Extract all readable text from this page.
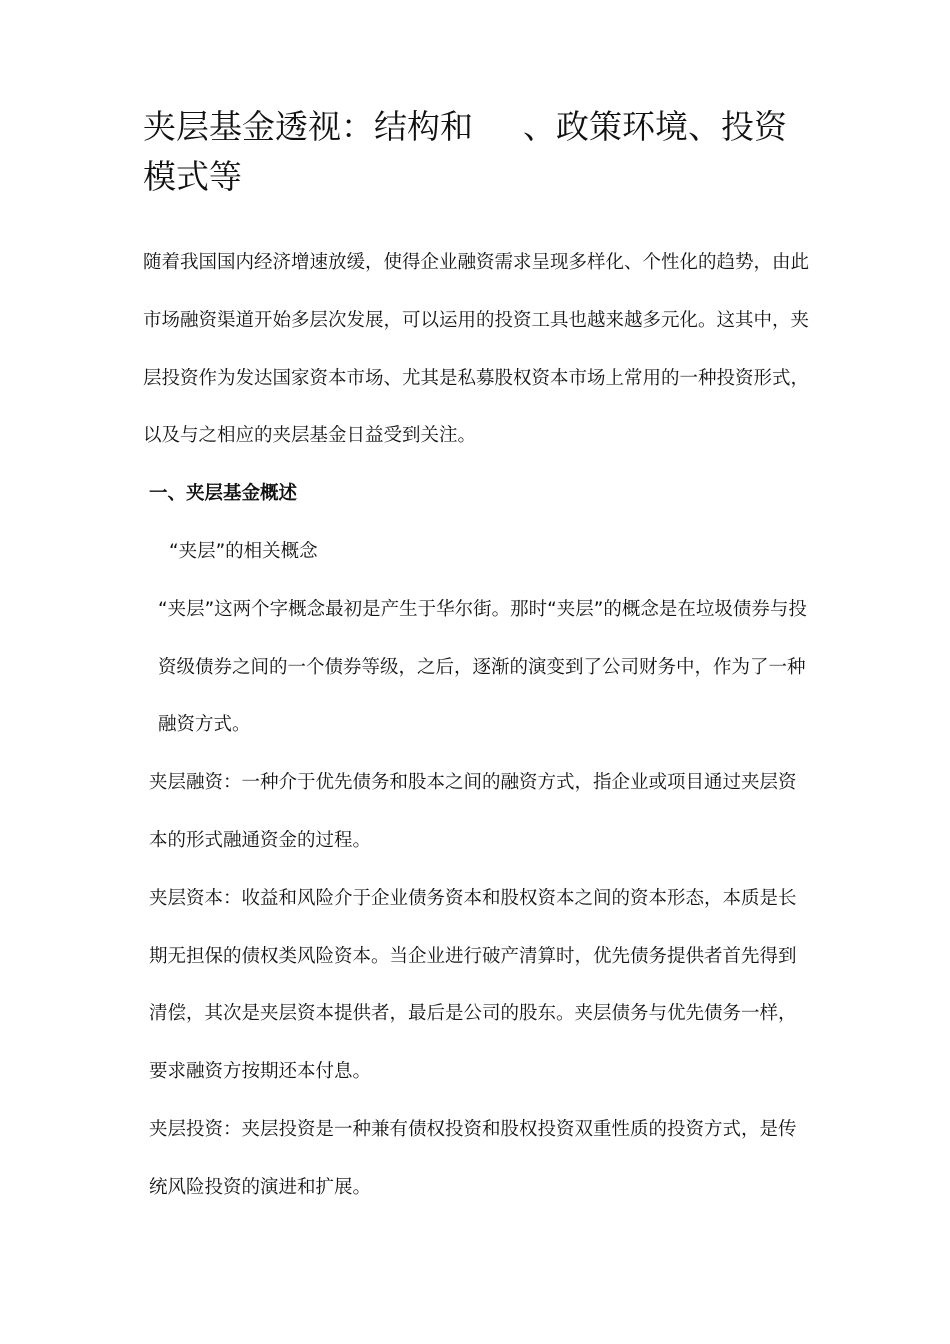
夹层基金透视：结构和 、政策环境、投资模式等

随着我国国内经济增速放缓，使得企业融资需求呈现多样化、个性化的趋势，由此市场融资渠道开始多层次发展，可以运用的投资工具也越来越多元化。这其中，夹层投资作为发达国家资本市场、尤其是私募股权资本市场上常用的一种投资形式，以及与之相应的夹层基金日益受到关注。

一、夹层基金概述

“夹层”的相关概念

“夹层”这两个字概念最初是产生于华尔街。那时“夹层”的概念是在垃圾债券与投资级债券之间的一个债券等级，之后，逐渐的演变到了公司财务中，作为了一种融资方式。

夹层融资：一种介于优先债务和股本之间的融资方式，指企业或项目通过夹层资本的形式融通资金的过程。

夹层资本：收益和风险介于企业债务资本和股权资本之间的资本形态，本质是长期无担保的债权类风险资本。当企业进行破产清算时，优先债务提供者首先得到清偿，其次是夹层资本提供者，最后是公司的股东。夹层债务与优先债务一样，要求融资方按期还本付息。

夹层投资：夹层投资是一种兼有债权投资和股权投资双重性质的投资方式，是传统风险投资的演进和扩展。
